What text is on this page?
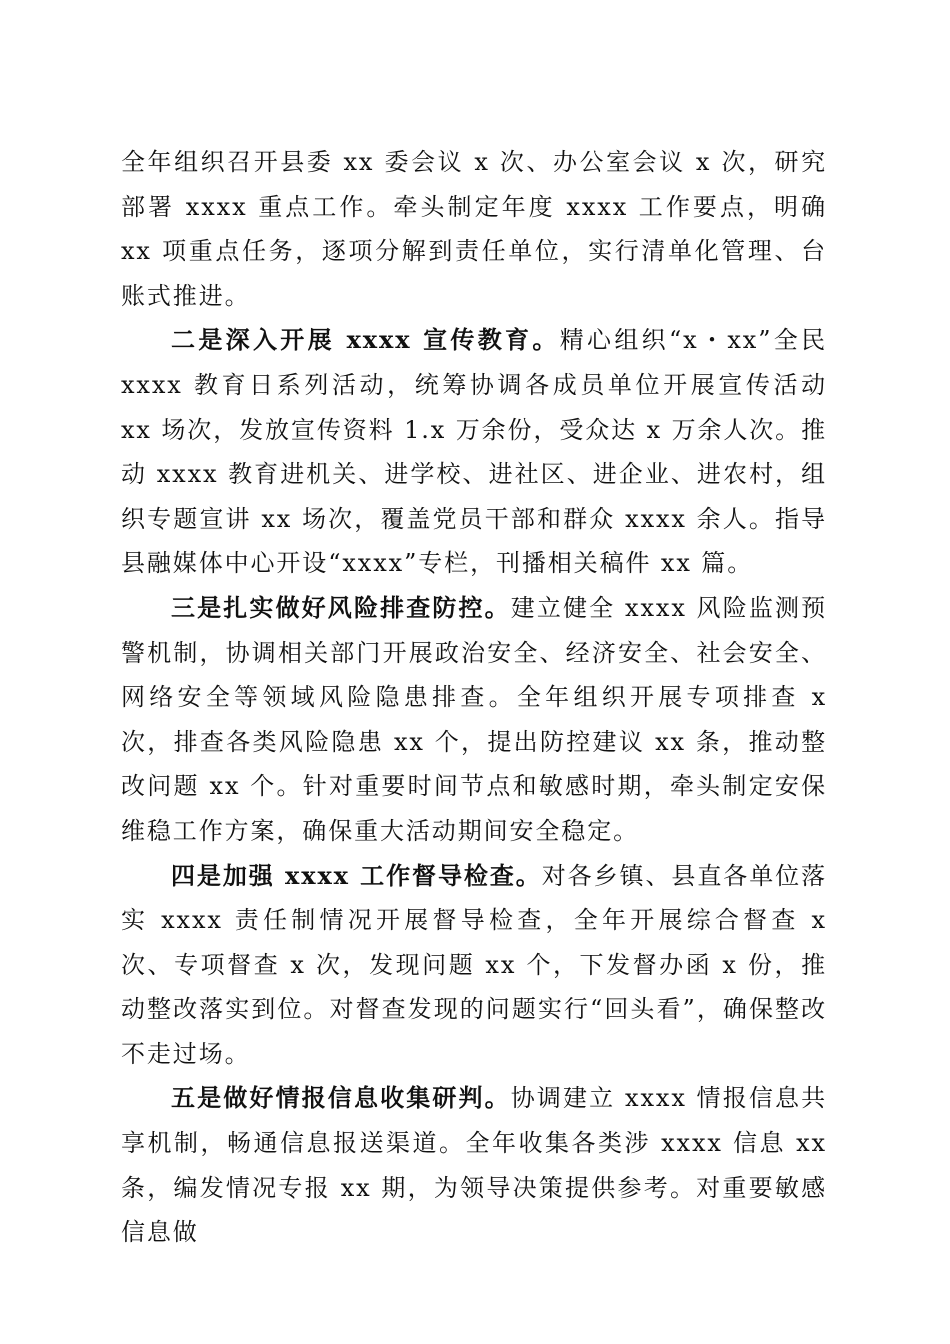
全年组织召开县委 xx 委会议 x 次、办公室会议 x 次，研究部署 xxxx 重点工作。牵头制定年度 xxxx 工作要点，明确 xx 项重点任务，逐项分解到责任单位，实行清单化管理、台账式推进。

二是深入开展 xxxx 宣传教育。精心组织“x・xx”全民 xxxx 教育日系列活动，统筹协调各成员单位开展宣传活动 xx 场次，发放宣传资料 1.x 万余份，受众达 x 万余人次。推动 xxxx 教育进机关、进学校、进社区、进企业、进农村，组织专题宣讲 xx 场次，覆盖党员干部和群众 xxxx 余人。指导县融媒体中心开设“xxxx”专栏，刊播相关稿件 xx 篇。

三是扎实做好风险排查防控。建立健全 xxxx 风险监测预警机制，协调相关部门开展政治安全、经济安全、社会安全、网络安全等领域风险隐患排查。全年组织开展专项排查 x 次，排查各类风险隐患 xx 个，提出防控建议 xx 条，推动整改问题 xx 个。针对重要时间节点和敏感时期，牵头制定安保维稳工作方案，确保重大活动期间安全稳定。

四是加强 xxxx 工作督导检查。对各乡镇、县直各单位落实 xxxx 责任制情况开展督导检查，全年开展综合督查 x 次、专项督查 x 次，发现问题 xx 个，下发督办函 x 份，推动整改落实到位。对督查发现的问题实行“回头看”，确保整改不走过场。

五是做好情报信息收集研判。协调建立 xxxx 情报信息共享机制，畅通信息报送渠道。全年收集各类涉 xxxx 信息 xx 条，编发情况专报 xx 期，为领导决策提供参考。对重要敏感信息做
